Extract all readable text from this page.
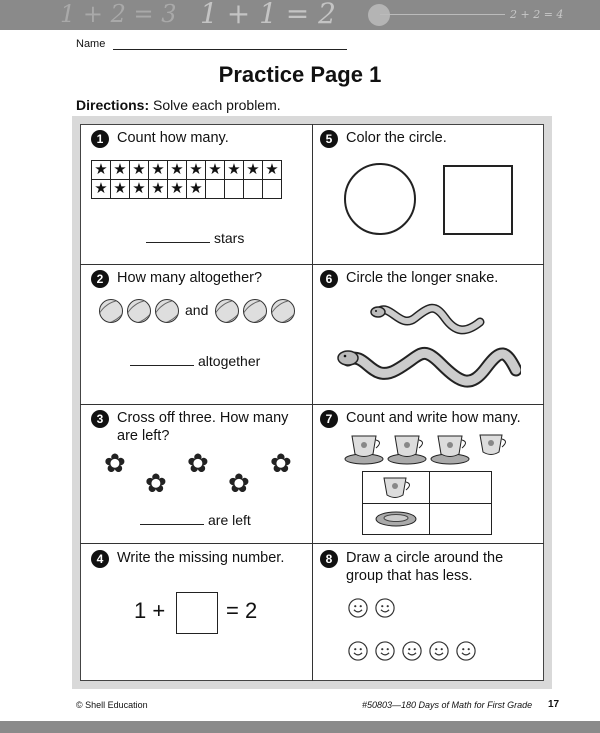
1 + 2 = 3 1 + 1 = 2	2 + 2 = 4
Name
Practice Page 1
Directions: Solve each problem.
1 Count how many.
★	★	★	★	★	★	★	★	★	★
★	★	★	★	★	★				
stars
2 How many altogether?
and
altogether
3 Cross off three. How many are left?
✿
✿
✿
✿
✿
are left
4 Write the missing number.
1 +	= 2
5 Color the circle.
6 Circle the longer snake.
7 Count and write how many.
8 Draw a circle around the group that has less.
© Shell Education	#50803—180 Days of Math for First Grade 17
